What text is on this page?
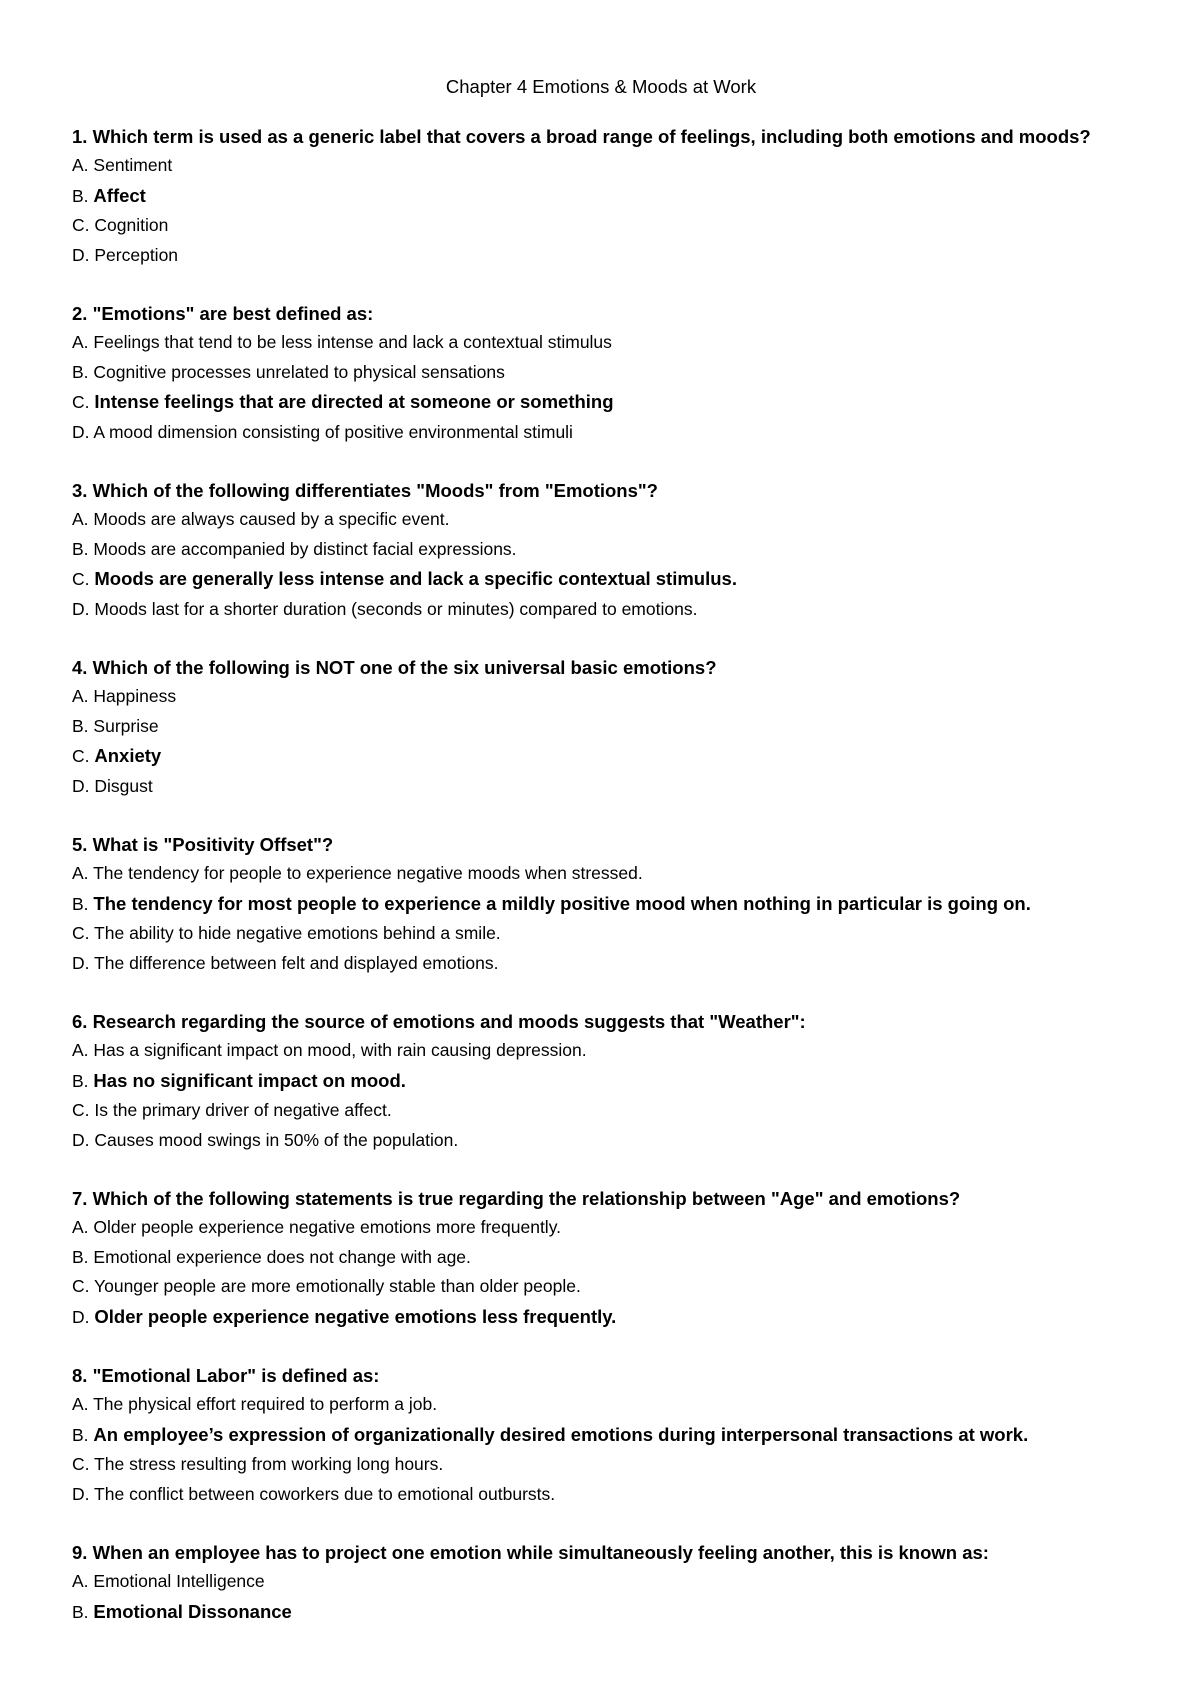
Chapter 4 Emotions & Moods at Work
1. Which term is used as a generic label that covers a broad range of feelings, including both emotions and moods?
A. Sentiment
B. Affect
C. Cognition
D. Perception
2. "Emotions" are best defined as:
A. Feelings that tend to be less intense and lack a contextual stimulus
B. Cognitive processes unrelated to physical sensations
C. Intense feelings that are directed at someone or something
D. A mood dimension consisting of positive environmental stimuli
3. Which of the following differentiates "Moods" from "Emotions"?
A. Moods are always caused by a specific event.
B. Moods are accompanied by distinct facial expressions.
C. Moods are generally less intense and lack a specific contextual stimulus.
D. Moods last for a shorter duration (seconds or minutes) compared to emotions.
4. Which of the following is NOT one of the six universal basic emotions?
A. Happiness
B. Surprise
C. Anxiety
D. Disgust
5. What is "Positivity Offset"?
A. The tendency for people to experience negative moods when stressed.
B. The tendency for most people to experience a mildly positive mood when nothing in particular is going on.
C. The ability to hide negative emotions behind a smile.
D. The difference between felt and displayed emotions.
6. Research regarding the source of emotions and moods suggests that "Weather":
A. Has a significant impact on mood, with rain causing depression.
B. Has no significant impact on mood.
C. Is the primary driver of negative affect.
D. Causes mood swings in 50% of the population.
7. Which of the following statements is true regarding the relationship between "Age" and emotions?
A. Older people experience negative emotions more frequently.
B. Emotional experience does not change with age.
C. Younger people are more emotionally stable than older people.
D. Older people experience negative emotions less frequently.
8. "Emotional Labor" is defined as:
A. The physical effort required to perform a job.
B. An employee’s expression of organizationally desired emotions during interpersonal transactions at work.
C. The stress resulting from working long hours.
D. The conflict between coworkers due to emotional outbursts.
9. When an employee has to project one emotion while simultaneously feeling another, this is known as:
A. Emotional Intelligence
B. Emotional Dissonance
